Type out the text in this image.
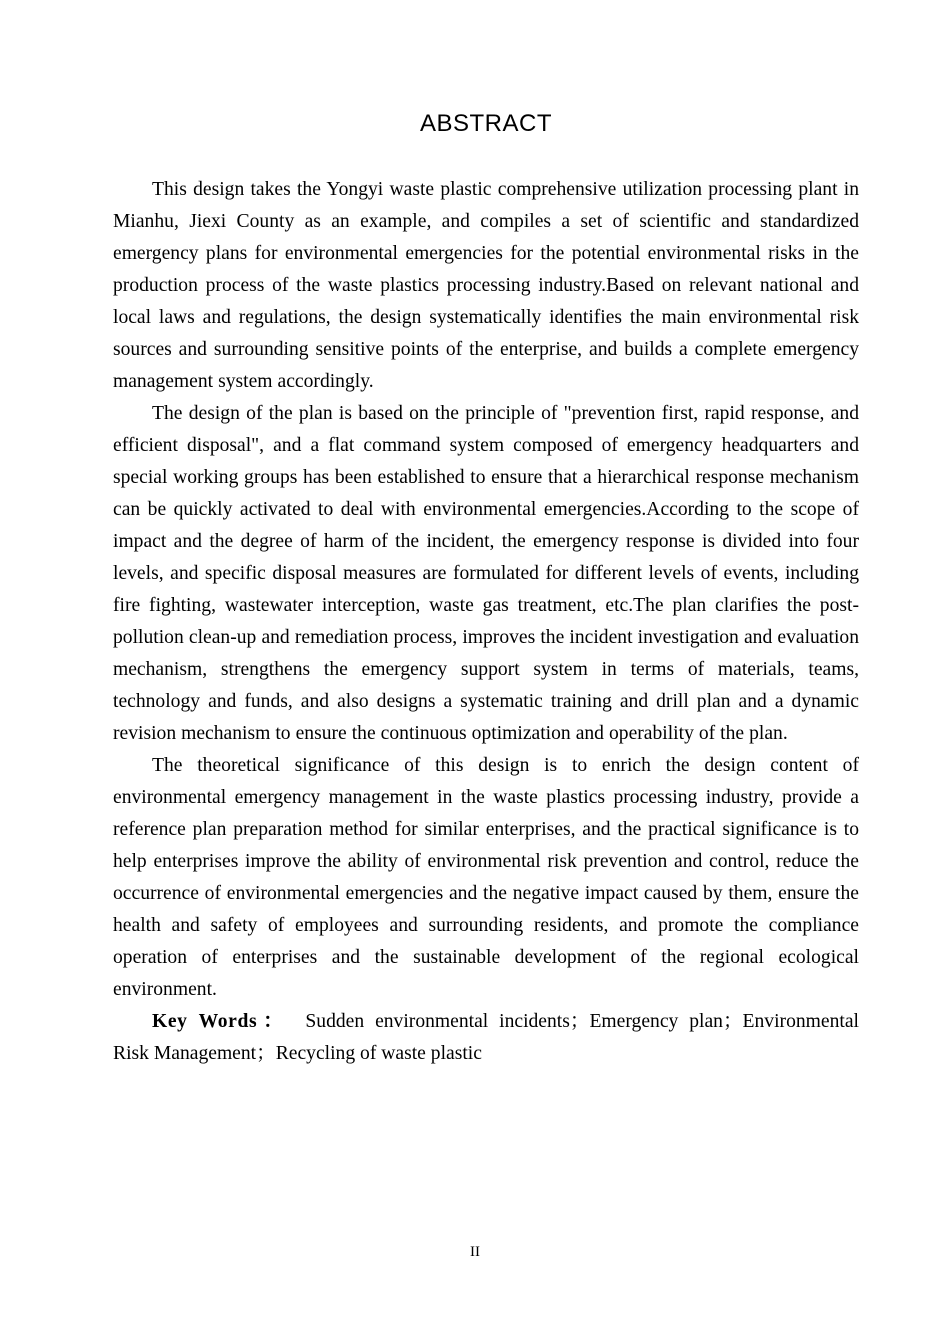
ABSTRACT

This design takes the Yongyi waste plastic comprehensive utilization processing plant in Mianhu, Jiexi County as an example, and compiles a set of scientific and standardized emergency plans for environmental emergencies for the potential environmental risks in the production process of the waste plastics processing industry.Based on relevant national and local laws and regulations, the design systematically identifies the main environmental risk sources and surrounding sensitive points of the enterprise, and builds a complete emergency management system accordingly.

The design of the plan is based on the principle of "prevention first, rapid response, and efficient disposal", and a flat command system composed of emergency headquarters and special working groups has been established to ensure that a hierarchical response mechanism can be quickly activated to deal with environmental emergencies.According to the scope of impact and the degree of harm of the incident, the emergency response is divided into four levels, and specific disposal measures are formulated for different levels of events, including fire fighting, wastewater interception, waste gas treatment, etc.The plan clarifies the post-pollution clean-up and remediation process, improves the incident investigation and evaluation mechanism, strengthens the emergency support system in terms of materials, teams, technology and funds, and also designs a systematic training and drill plan and a dynamic revision mechanism to ensure the continuous optimization and operability of the plan.

The theoretical significance of this design is to enrich the design content of environmental emergency management in the waste plastics processing industry, provide a reference plan preparation method for similar enterprises, and the practical significance is to help enterprises improve the ability of environmental risk prevention and control, reduce the occurrence of environmental emergencies and the negative impact caused by them, ensure the health and safety of employees and surrounding residents, and promote the compliance operation of enterprises and the sustainable development of the regional ecological environment.

Key Words： Sudden environmental incidents；Emergency plan；Environmental Risk Management；Recycling of waste plastic

II
